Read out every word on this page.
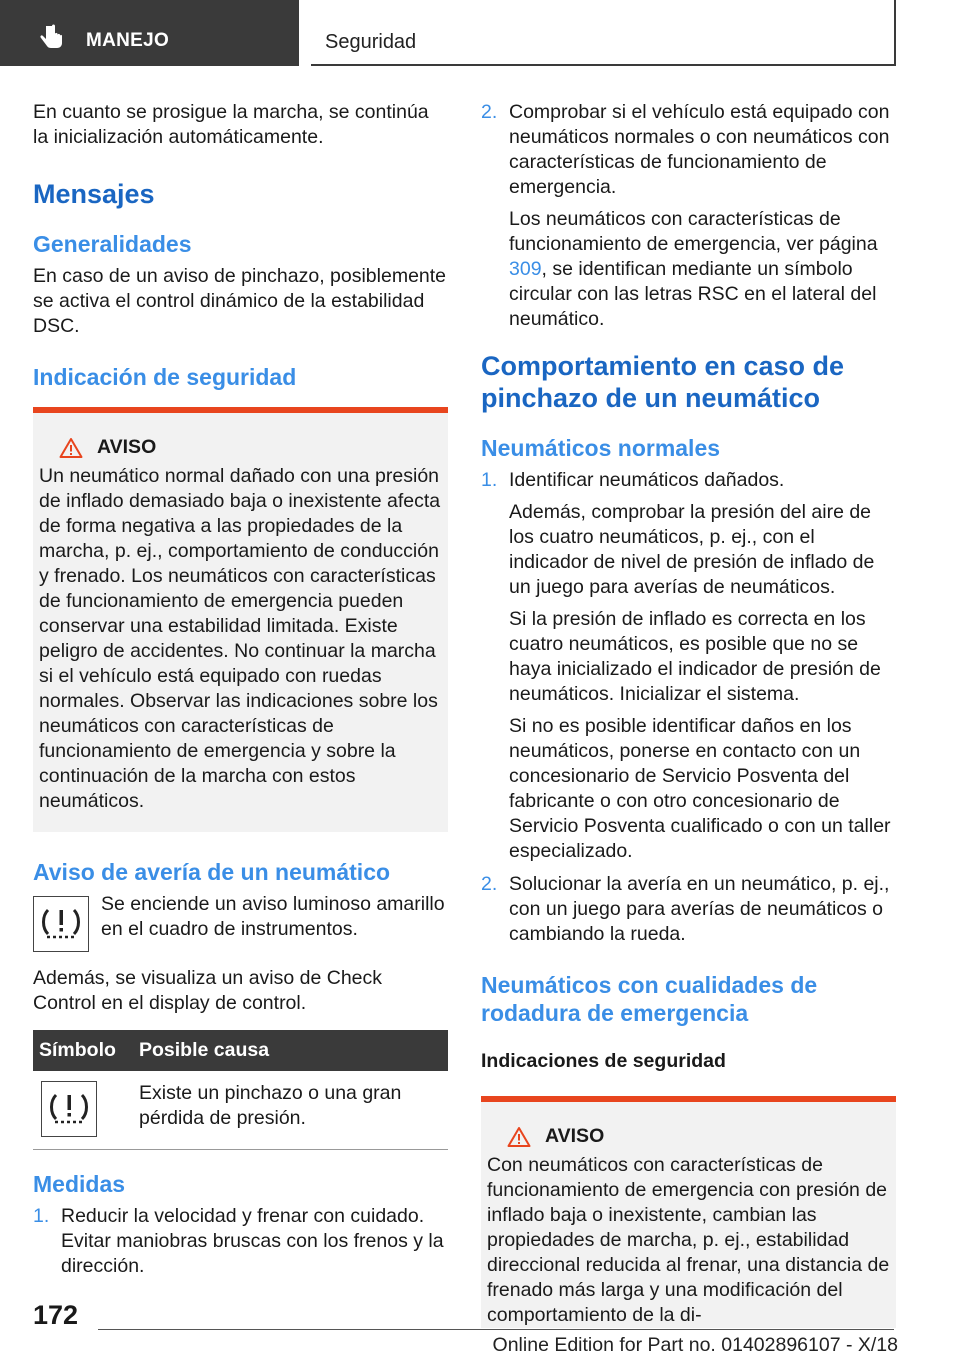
MANEJO	Seguridad

En cuanto se prosigue la marcha, se continúa la inicialización automáticamente.

Mensajes
Generalidades

En caso de un aviso de pinchazo, posiblemente se activa el control dinámico de la estabilidad DSC.

Indicación de seguridad
AVISO

Un neumático normal dañado con una presión de inflado demasiado baja o inexistente afecta de forma negativa a las propiedades de la marcha, p. ej., comportamiento de conducción y frenado. Los neumáticos con características de funcionamiento de emergencia pueden conservar una estabilidad limitada. Existe peligro de accidentes. No continuar la marcha si el vehículo está equipado con ruedas normales. Observar las indicaciones sobre los neumáticos con características de funcionamiento de emergencia y sobre la continuación de la marcha con estos neumáticos.

Aviso de avería de un neumático

Se enciende un aviso luminoso amarillo en el cuadro de instrumentos.

Además, se visualiza un aviso de Check Control en el display de control.

Símbolo	Posible causa

	Existe un pinchazo o una gran pérdida de presión.
Medidas
1. Reducir la velocidad y frenar con cuidado. Evitar maniobras bruscas con los frenos y la dirección.
2. Comprobar si el vehículo está equipado con neumáticos normales o con neumáticos con características de funcionamiento de emergencia.
Los neumáticos con características de funcionamiento de emergencia, ver página 309, se identifican mediante un símbolo circular con las letras RSC en el lateral del neumático.
Comportamiento en caso de pinchazo de un neumático
Neumáticos normales
1. Identificar neumáticos dañados.
Además, comprobar la presión del aire de los cuatro neumáticos, p. ej., con el indicador de nivel de presión de inflado de un juego para averías de neumáticos.
Si la presión de inflado es correcta en los cuatro neumáticos, es posible que no se haya inicializado el indicador de presión de neumáticos. Inicializar el sistema.
Si no es posible identificar daños en los neumáticos, ponerse en contacto con un concesionario de Servicio Posventa del fabricante o con otro concesionario de Servicio Posventa cualificado o con un taller especializado.
2. Solucionar la avería en un neumático, p. ej., con un juego para averías de neumáticos o cambiando la rueda.
Neumáticos con cualidades de rodadura de emergencia
Indicaciones de seguridad
AVISO

Con neumáticos con características de funcionamiento de emergencia con presión de inflado baja o inexistente, cambian las propiedades de marcha, p. ej., estabilidad direccional reducida al frenar, una distancia de frenado más larga y una modificación del comportamiento de la di-

172
Online Edition for Part no. 01402896107 - X/18
